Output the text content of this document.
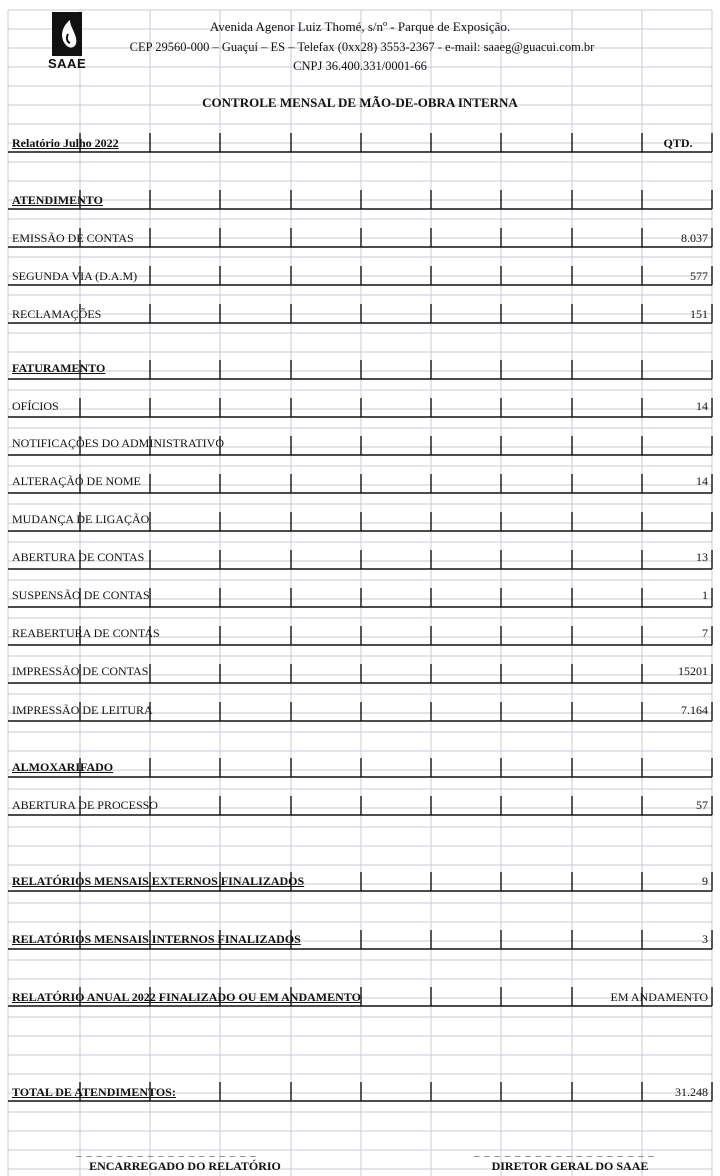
SAAE
Avenida Agenor Luiz Thomé, s/nº - Parque de Exposição.
CEP 29560-000 – Guaçuí – ES – Telefax (0xx28) 3553-2367 - e-mail: saaeg@guacui.com.br
CNPJ 36.400.331/0001-66
CONTROLE MENSAL DE MÃO-DE-OBRA INTERNA
Relatório Julho 2022	QTD.
ATENDIMENTO
EMISSÃO DE CONTAS	8.037
SEGUNDA VIA (D.A.M)	577
RECLAMAÇÕES	151
FATURAMENTO
OFÍCIOS	14
NOTIFICAÇÕES DO ADMINISTRATIVO
ALTERAÇÃO DE NOME	14
MUDANÇA DE LIGAÇÃO
ABERTURA DE CONTAS	13
SUSPENSÃO DE CONTAS	1
REABERTURA DE CONTAS	7
IMPRESSÃO DE CONTAS	15201
IMPRESSÃO DE LEITURA	7.164
ALMOXARIFADO
ABERTURA DE PROCESSO	57
RELATÓRIOS MENSAIS EXTERNOS FINALIZADOS	9
RELATÓRIOS MENSAIS INTERNOS FINALIZADOS	3
RELATÓRIO ANUAL 2022 FINALIZADO OU EM ANDAMENTO	EM ANDAMENTO
TOTAL DE ATENDIMENTOS:	31.248
_ _ _ _ _ _ _ _ _ _ _ _ _ _ _ _ _ _	_ _ _ _ _ _ _ _ _ _ _ _ _ _ _ _ _ _
ENCARREGADO DO RELATÓRIO	DIRETOR GERAL DO SAAE
